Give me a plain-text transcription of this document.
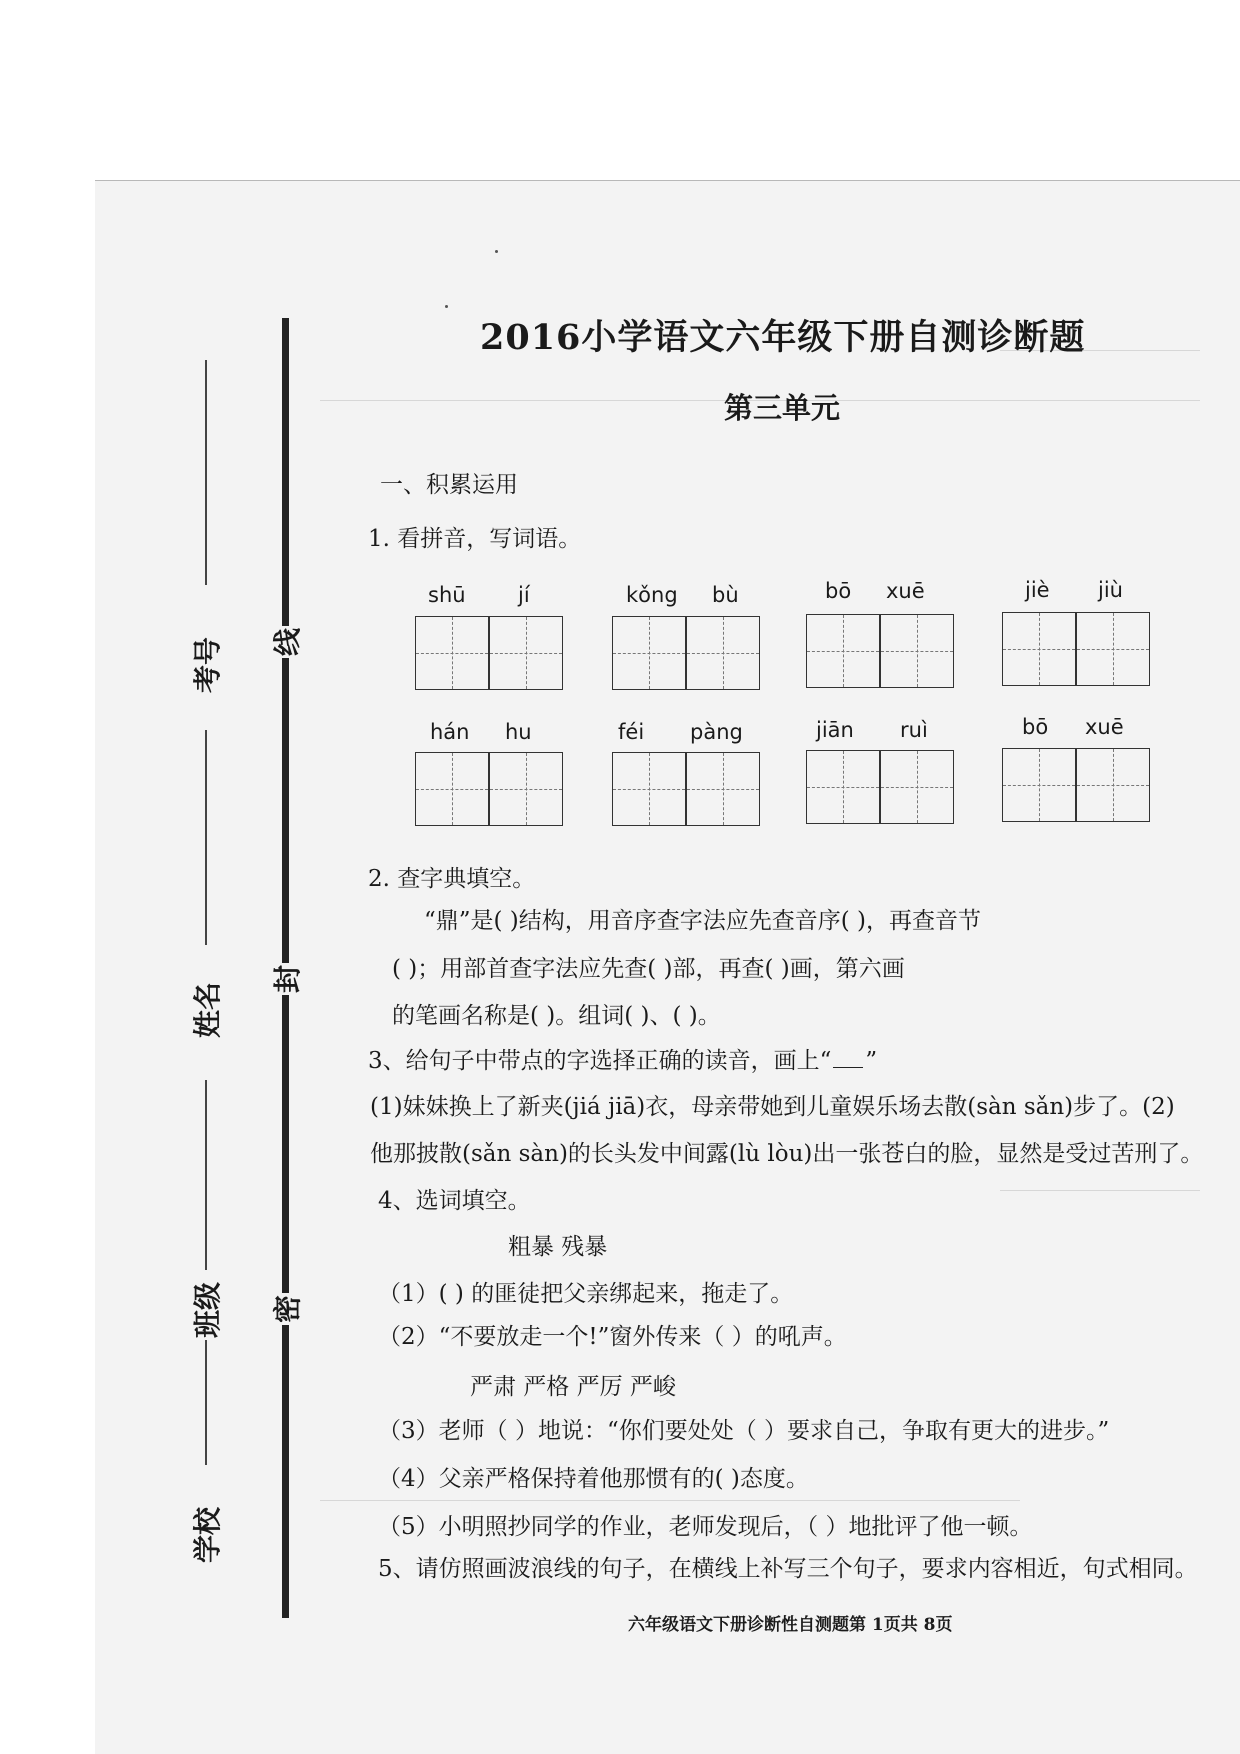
考号
姓名
班级
学校
线
封
密
2016小学语文六年级下册自测诊断题
第三单元
一、积累运用
1. 看拼音，写词语。
shū jí	kǒng bù	bō xuē	jiè jiù
hán hu	féi pàng	jiān ruì	bō xuē
2. 查字典填空。
“鼎”是( )结构，用音序查字法应先查音序( )，再查音节
( )；用部首查字法应先查( )部，再查( )画，第六画
的笔画名称是( )。组词( )、( )。
3、给句子中带点的字选择正确的读音，画上“ ”
(1)妹妹换上了新夹(jiá jiā)衣，母亲带她到儿童娱乐场去散(sàn sǎn)步了。(2)
他那披散(sǎn sàn)的长头发中间露(lù lòu)出一张苍白的脸，显然是受过苦刑了。
4、选词填空。
粗暴 残暴
（1）( ) 的匪徒把父亲绑起来，拖走了。
（2）“不要放走一个!”窗外传来（ ）的吼声。
严肃 严格 严厉 严峻
（3）老师（ ）地说：“你们要处处（ ）要求自己，争取有更大的进步。”
（4）父亲严格保持着他那惯有的( )态度。
（5）小明照抄同学的作业，老师发现后，（ ）地批评了他一顿。
5、请仿照画波浪线的句子，在横线上补写三个句子，要求内容相近，句式相同。
六年级语文下册诊断性自测题第 1页共 8页
